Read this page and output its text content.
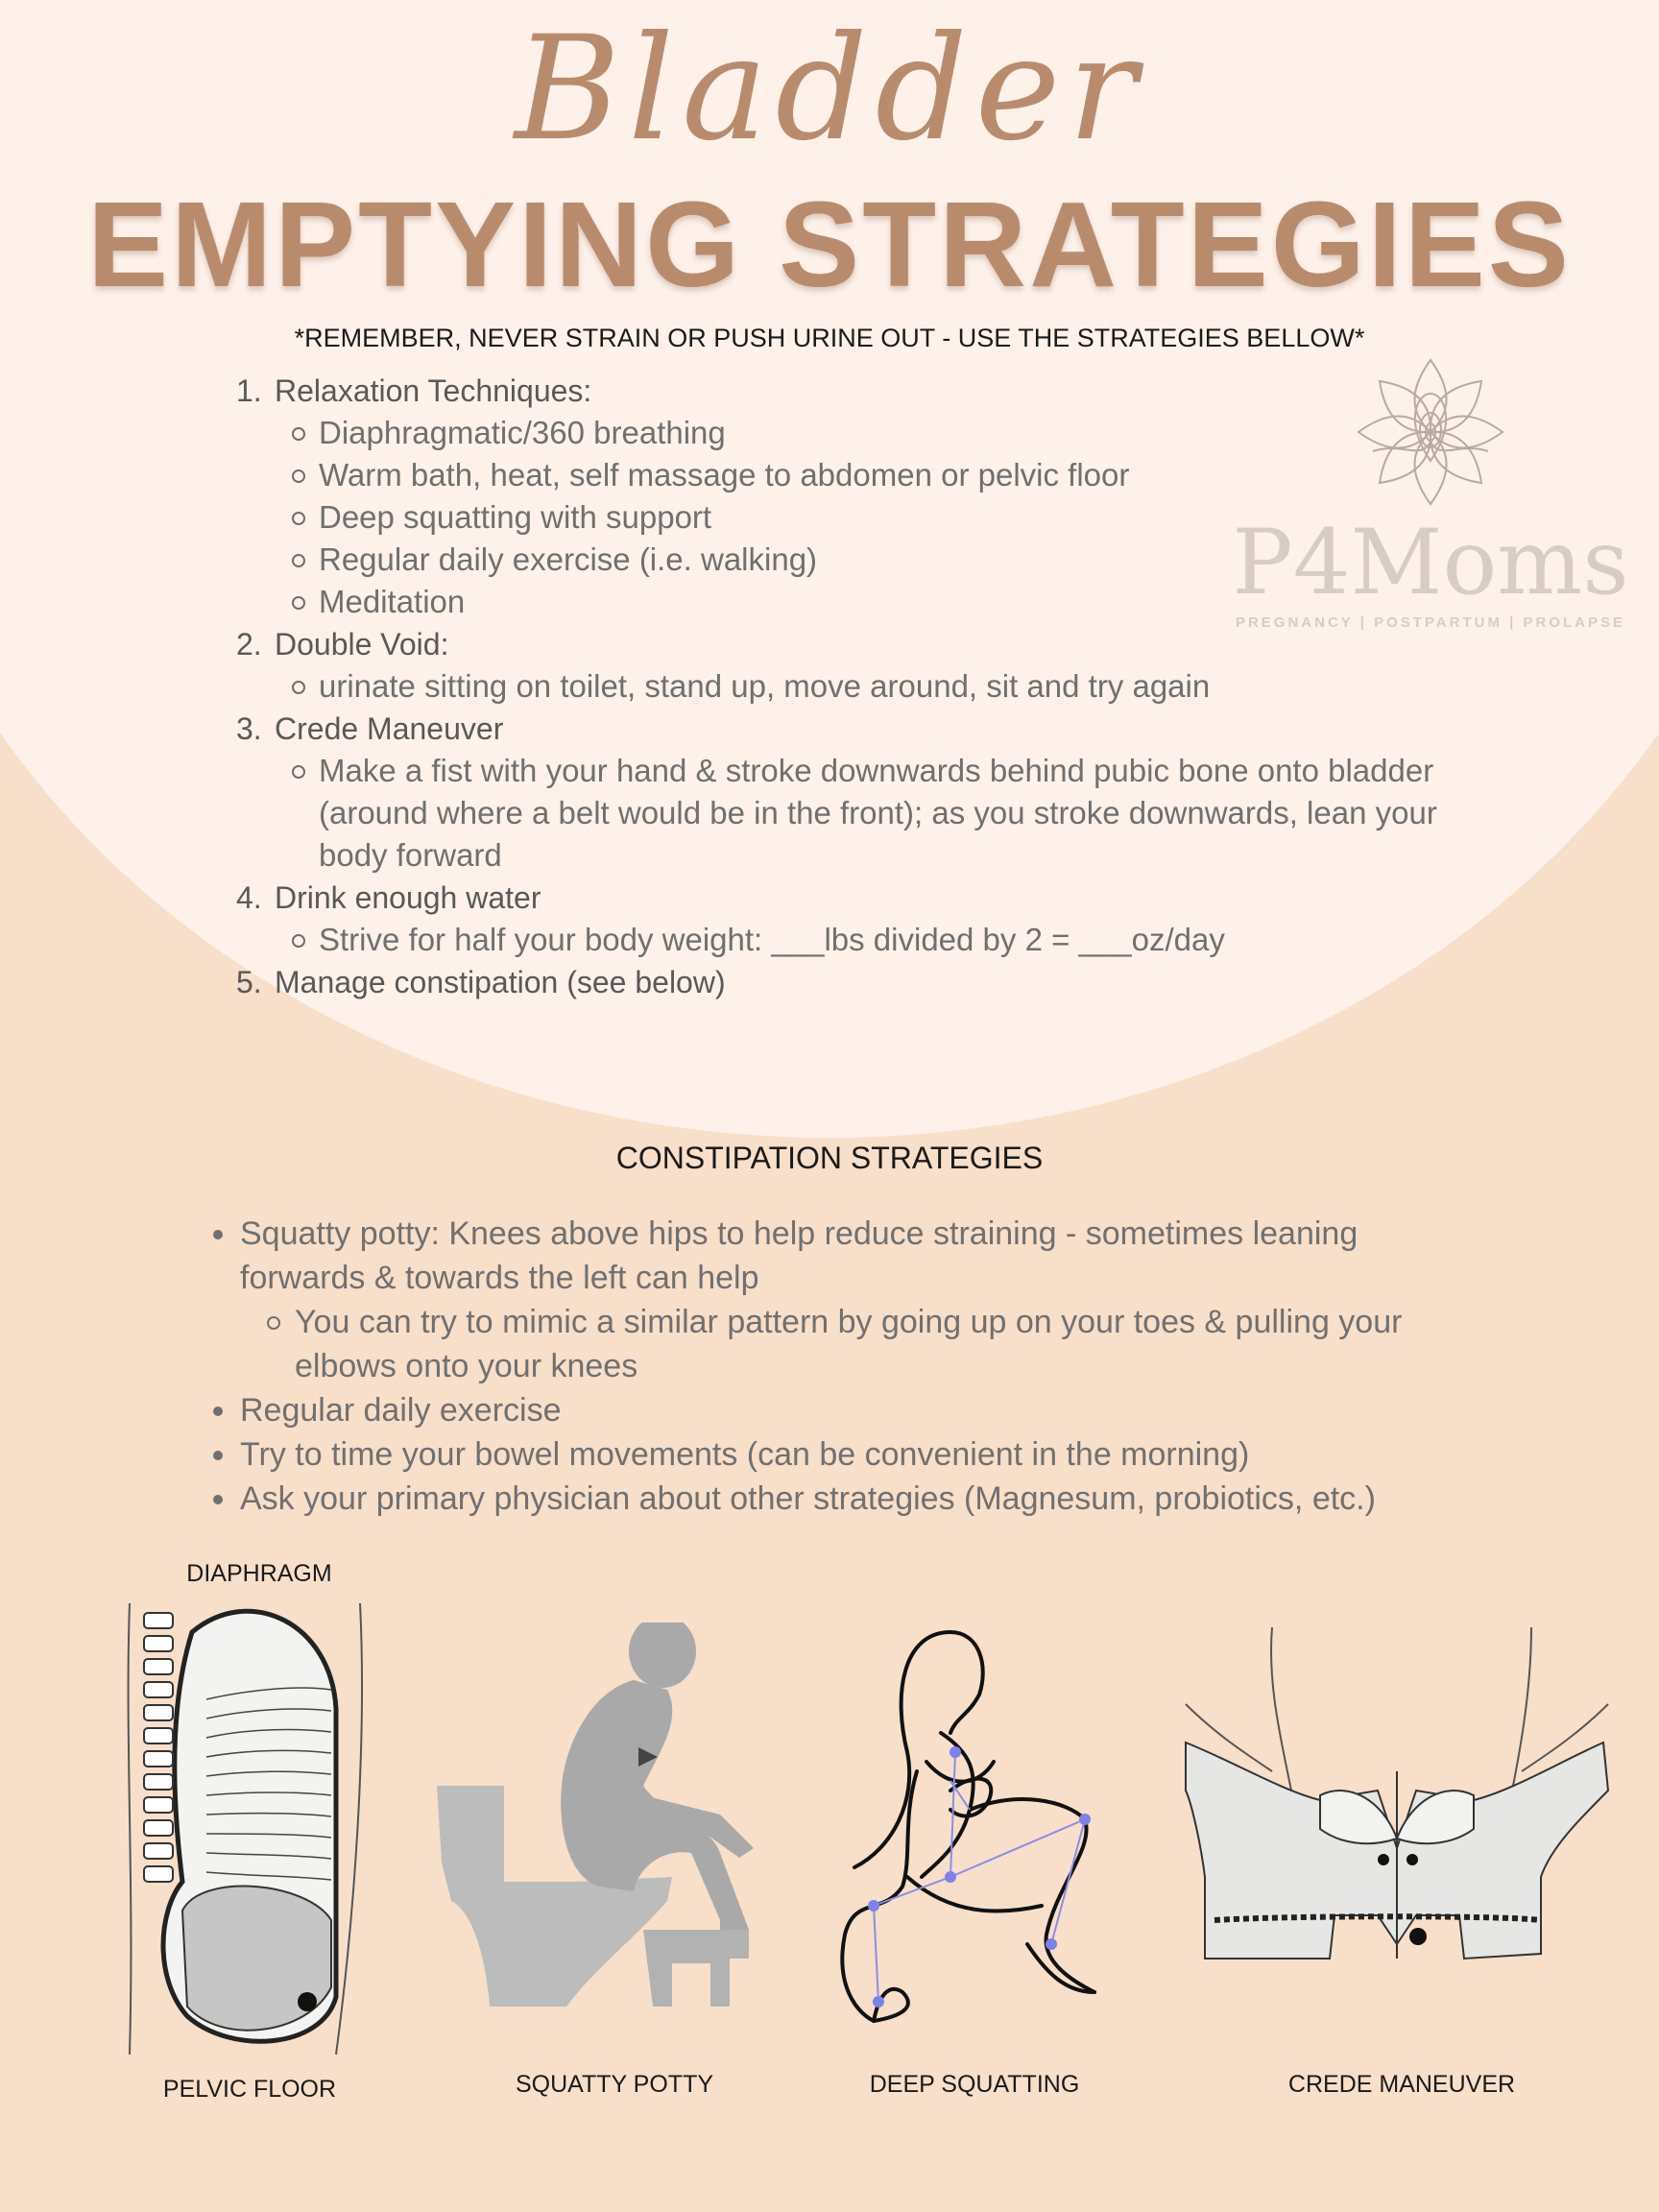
Bladder
EMPTYING STRATEGIES
*REMEMBER, NEVER STRAIN OR PUSH URINE OUT - USE THE STRATEGIES BELLOW*
1. Relaxation Techniques:
Diaphragmatic/360 breathing
Warm bath, heat, self massage to abdomen or pelvic floor
Deep squatting with support
Regular daily exercise (i.e. walking)
Meditation
2. Double Void:
urinate sitting on toilet, stand up, move around, sit and try again
3. Crede Maneuver
Make a fist with your hand & stroke downwards behind pubic bone onto bladder (around where a belt would be in the front); as you stroke downwards, lean your body forward
4. Drink enough water
Strive for half your body weight: ___lbs divided by 2 = ___oz/day
5. Manage constipation (see below)
P4Moms
PREGNANCY | POSTPARTUM | PROLAPSE
CONSTIPATION STRATEGIES
Squatty potty: Knees above hips to help reduce straining - sometimes leaning forwards & towards the left can help
You can try to mimic a similar pattern by going up on your toes & pulling your elbows onto your knees
Regular daily exercise
Try to time your bowel movements (can be convenient in the morning)
Ask your primary physician about other strategies (Magnesum, probiotics, etc.)
DIAPHRAGM
PELVIC FLOOR	SQUATTY POTTY	DEEP SQUATTING	CREDE MANEUVER
